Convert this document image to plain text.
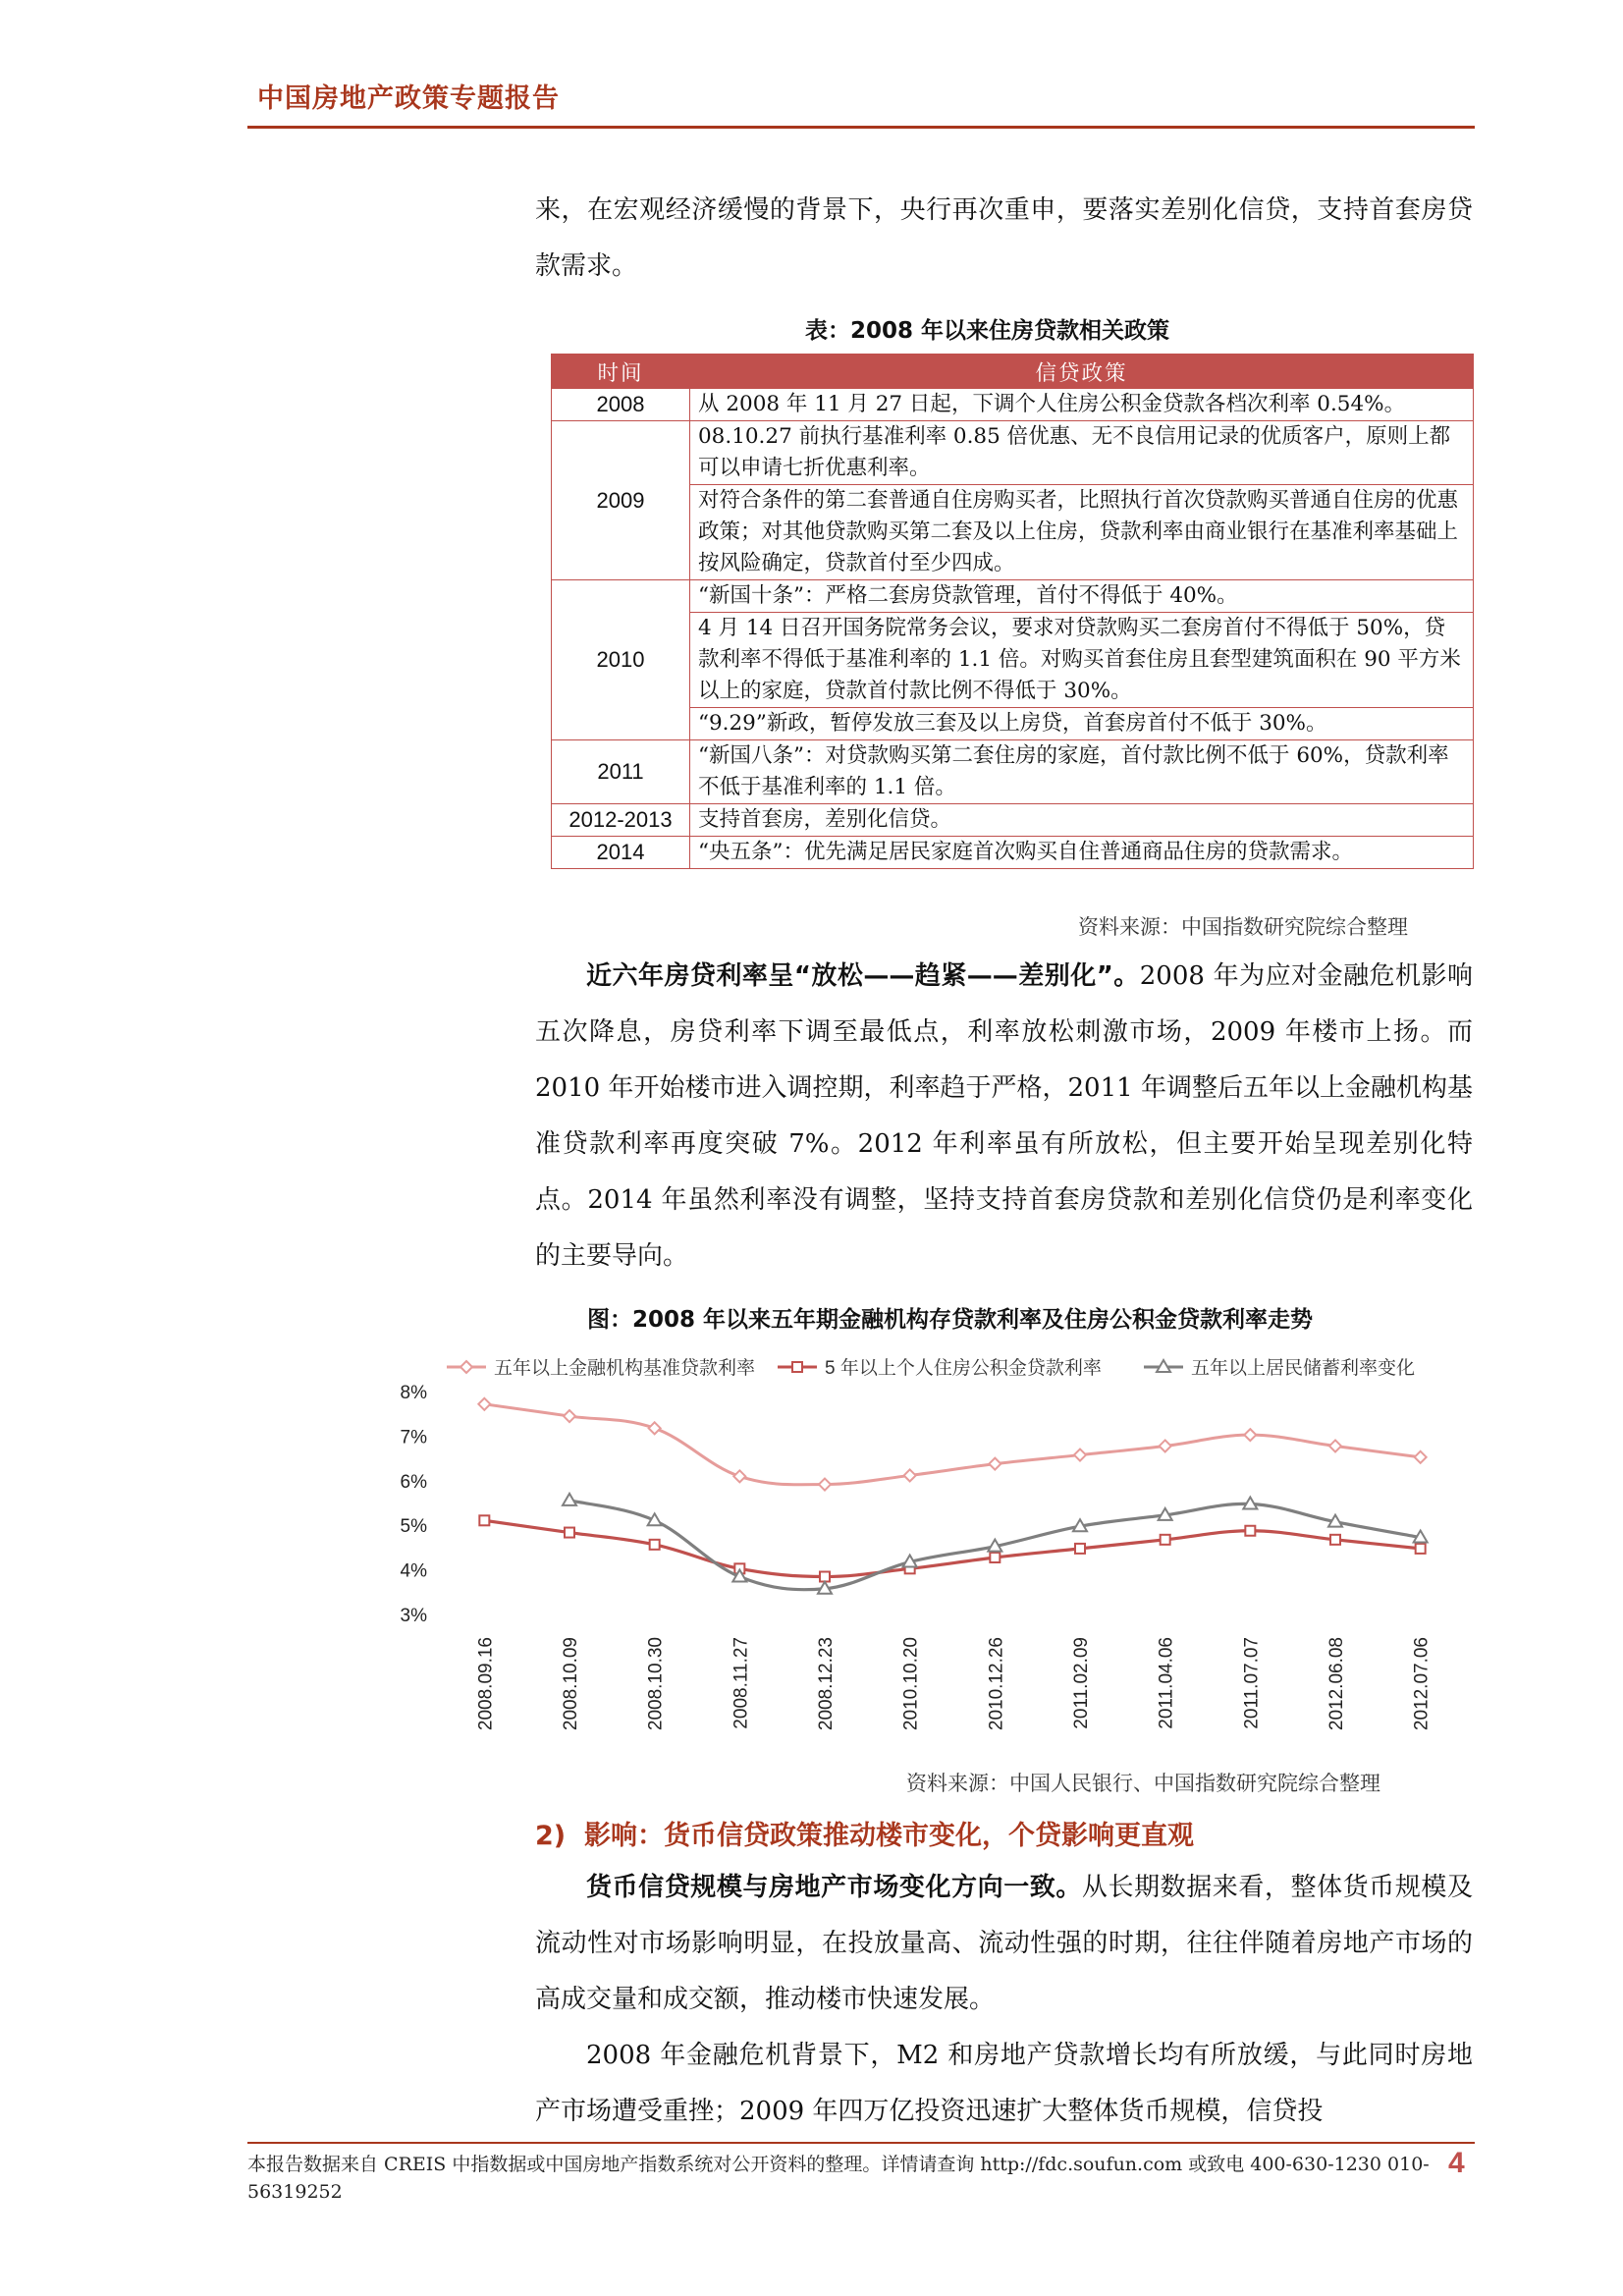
中国房地产政策专题报告
来，在宏观经济缓慢的背景下，央行再次重申，要落实差别化信贷，支持首套房贷款需求。
表：2008 年以来住房贷款相关政策
时间	信贷政策
2008	从 2008 年 11 月 27 日起，下调个人住房公积金贷款各档次利率 0.54%。
2009	08.10.27 前执行基准利率 0.85 倍优惠、无不良信用记录的优质客户，原则上都可以申请七折优惠利率。
	对符合条件的第二套普通自住房购买者，比照执行首次贷款购买普通自住房的优惠政策；对其他贷款购买第二套及以上住房，贷款利率由商业银行在基准利率基础上按风险确定，贷款首付至少四成。
2010	“新国十条”：严格二套房贷款管理，首付不得低于 40%。
	4 月 14 日召开国务院常务会议，要求对贷款购买二套房首付不得低于 50%，贷款利率不得低于基准利率的 1.1 倍。对购买首套住房且套型建筑面积在 90 平方米以上的家庭，贷款首付款比例不得低于 30%。
	“9.29”新政，暂停发放三套及以上房贷，首套房首付不低于 30%。
2011	“新国八条”：对贷款购买第二套住房的家庭，首付款比例不低于 60%，贷款利率不低于基准利率的 1.1 倍。
2012-2013	支持首套房，差别化信贷。
2014	“央五条”：优先满足居民家庭首次购买自住普通商品住房的贷款需求。
资料来源：中国指数研究院综合整理
近六年房贷利率呈“放松——趋紧——差别化”。2008 年为应对金融危机影响五次降息，房贷利率下调至最低点，利率放松刺激市场，2009 年楼市上扬。而 2010 年开始楼市进入调控期，利率趋于严格，2011 年调整后五年以上金融机构基准贷款利率再度突破 7%。2012 年利率虽有所放松，但主要开始呈现差别化特点。2014 年虽然利率没有调整，坚持支持首套房贷款和差别化信贷仍是利率变化的主要导向。
图：2008 年以来五年期金融机构存贷款利率及住房公积金贷款利率走势
五年以上金融机构基准贷款利率	5 年以上个人住房公积金贷款利率	五年以上居民储蓄利率变化
8%
7%
6%
5%
4%
3%
2008.09.16	2008.10.09	2008.10.30	2008.11.27	2008.12.23	2010.10.20	2010.12.26	2011.02.09	2011.04.06	2011.07.07	2012.06.08	2012.07.06
资料来源：中国人民银行、中国指数研究院综合整理
2) 影响：货币信贷政策推动楼市变化，个贷影响更直观
货币信贷规模与房地产市场变化方向一致。从长期数据来看，整体货币规模及流动性对市场影响明显，在投放量高、流动性强的时期，往往伴随着房地产市场的高成交量和成交额，推动楼市快速发展。
2008 年金融危机背景下，M2 和房地产贷款增长均有所放缓，与此同时房地产市场遭受重挫；2009 年四万亿投资迅速扩大整体货币规模，信贷投
本报告数据来自 CREIS 中指数据或中国房地产指数系统对公开资料的整理。详情请查询 http://fdc.soufun.com 或致电 400-630-1230 010-56319252
4
